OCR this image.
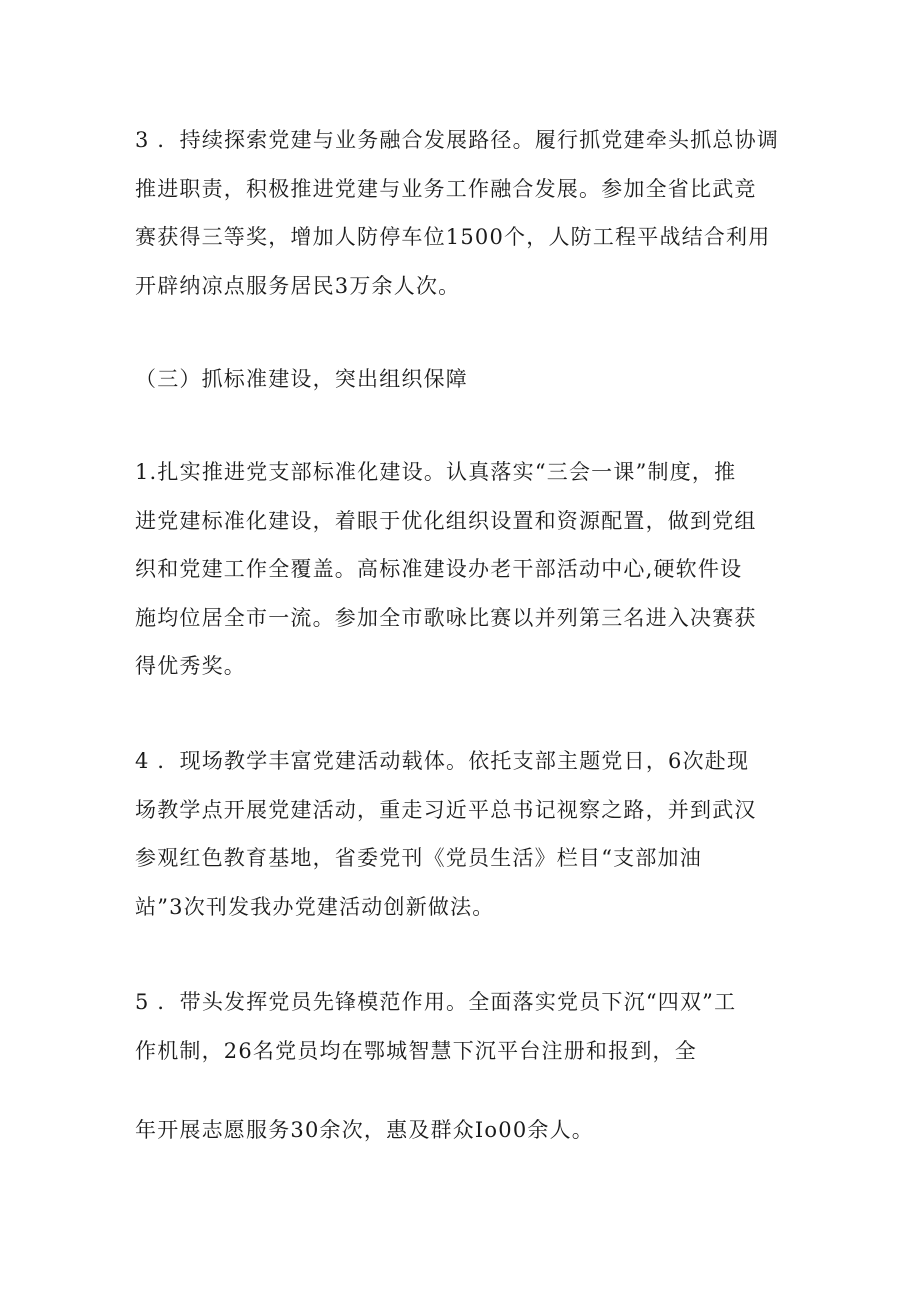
3 ．持续探索党建与业务融合发展路径。履行抓党建牵头抓总协调
推进职责，积极推进党建与业务工作融合发展。参加全省比武竞
赛获得三等奖，增加人防停车位1500个，人防工程平战结合利用
开辟纳凉点服务居民3万余人次。
（三）抓标准建设，突出组织保障
1.扎实推进党支部标准化建设。认真落实“三会一课”制度，推
进党建标准化建设，着眼于优化组织设置和资源配置，做到党组
织和党建工作全覆盖。高标准建设办老干部活动中心,硬软件设
施均位居全市一流。参加全市歌咏比赛以并列第三名进入决赛获
得优秀奖。
4 ．现场教学丰富党建活动载体。依托支部主题党日，6次赴现
场教学点开展党建活动，重走习近平总书记视察之路，并到武汉
参观红色教育基地，省委党刊《党员生活》栏目“支部加油
站”3次刊发我办党建活动创新做法。
5 ．带头发挥党员先锋模范作用。全面落实党员下沉“四双”工
作机制，26名党员均在鄂城智慧下沉平台注册和报到，全
年开展志愿服务30余次，惠及群众Io00余人。
